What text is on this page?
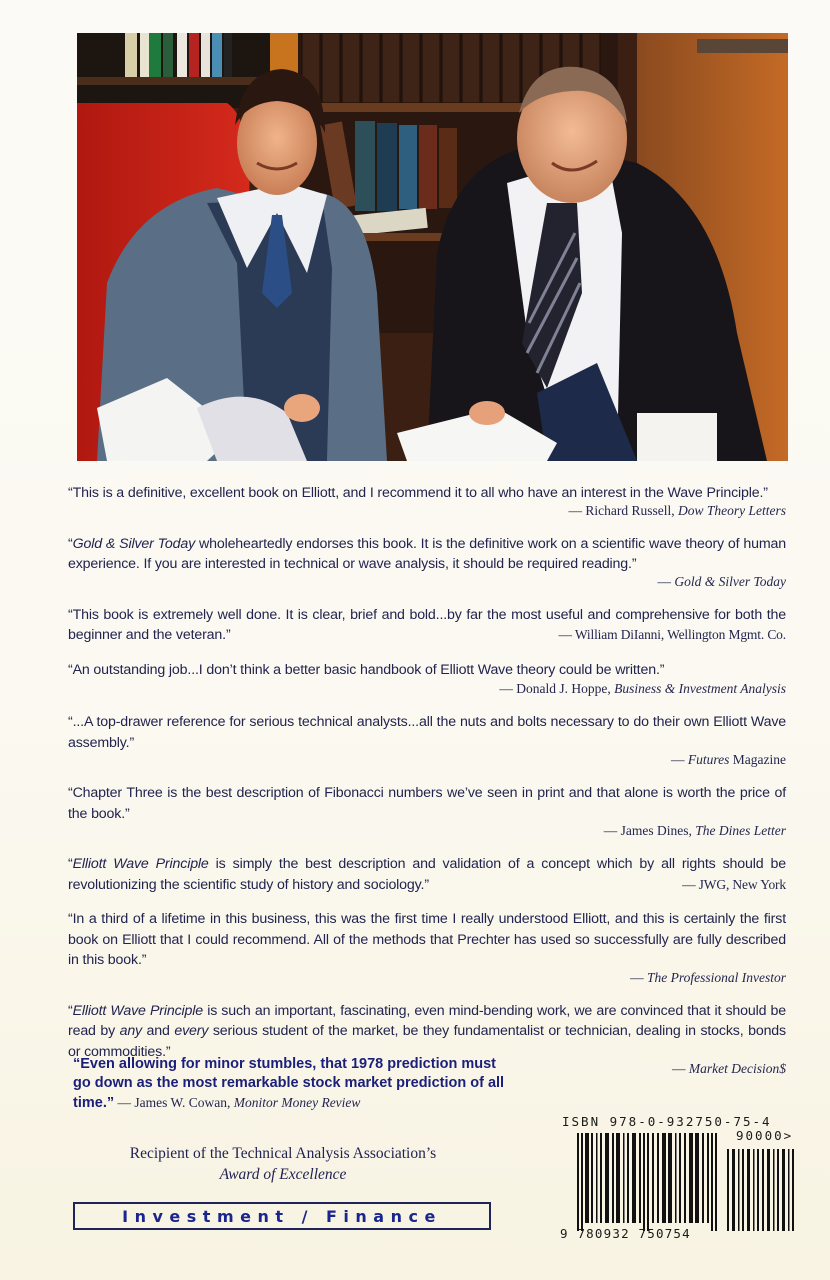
“This is a definitive, excellent book on Elliott, and I recommend it to all who have an interest in the Wave Principle.”
— Richard Russell, Dow Theory Letters
“Gold & Silver Today wholeheartedly endorses this book. It is the definitive work on a scientific wave theory of human experience. If you are interested in technical or wave analysis, it should be required reading.”
— Gold & Silver Today
“This book is extremely well done. It is clear, brief and bold...by far the most useful and comprehensive for both the beginner and the veteran.”	— William DiIanni, Wellington Mgmt. Co.
“An outstanding job...I don’t think a better basic handbook of Elliott Wave theory could be written.”
— Donald J. Hoppe, Business & Investment Analysis
“...A top-drawer reference for serious technical analysts...all the nuts and bolts necessary to do their own Elliott Wave assembly.”
— Futures Magazine
“Chapter Three is the best description of Fibonacci numbers we’ve seen in print and that alone is worth the price of the book.”
— James Dines, The Dines Letter
“Elliott Wave Principle is simply the best description and validation of a concept which by all rights should be revolutionizing the scientific study of history and sociology.”	— JWG, New York
“In a third of a lifetime in this business, this was the first time I really understood Elliott, and this is certainly the first book on Elliott that I could recommend. All of the methods that Prechter has used so successfully are fully described in this book.”
— The Professional Investor
“Elliott Wave Principle is such an important, fascinating, even mind-bending work, we are convinced that it should be read by any and every serious student of the market, be they fundamentalist or technician, dealing in stocks, bonds or commodities.”
— Market Decision$
“Even allowing for minor stumbles, that 1978 prediction must go down as the most remarkable stock market prediction of all time.” — James W. Cowan, Monitor Money Review
Recipient of the Technical Analysis Association’s
Award of Excellence
Investment / Finance
ISBN 978-0-932750-75-4
90000>
9 780932 750754
